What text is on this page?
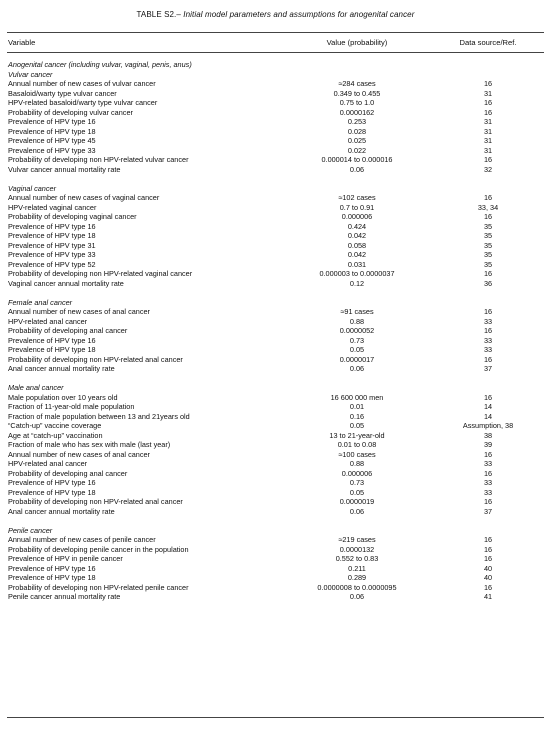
TABLE S2.– Initial model parameters and assumptions for anogenital cancer
Variable	Value (probability)	Data source/Ref.
Anogenital cancer (including vulvar, vaginal, penis, anus)
Vulvar cancer
Annual number of new cases of vulvar cancer	≈284 cases	16
Basaloid/warty type vulvar cancer	0.349 to 0.455	31
HPV-related basaloid/warty type vulvar cancer	0.75 to 1.0	16
Probability of developing vulvar cancer	0.0000162	16
Prevalence of HPV type 16	0.253	31
Prevalence of HPV type 18	0.028	31
Prevalence of HPV type 45	0.025	31
Prevalence of HPV type 33	0.022	31
Probability of developing non HPV-related vulvar cancer	0.000014 to 0.000016	16
Vulvar cancer annual mortality rate	0.06	32
Vaginal cancer
Annual number of new cases of vaginal cancer	≈102 cases	16
HPV-related vaginal cancer	0.7 to 0.91	33, 34
Probability of developing vaginal cancer	0.000006	16
Prevalence of HPV type 16	0.424	35
Prevalence of HPV type 18	0.042	35
Prevalence of HPV type 31	0.058	35
Prevalence of HPV type 33	0.042	35
Prevalence of HPV type 52	0.031	35
Probability of developing non HPV-related vaginal cancer	0.000003 to 0.0000037	16
Vaginal cancer annual mortality rate	0.12	36
Female anal cancer
Annual number of new cases of anal cancer	≈91 cases	16
HPV-related anal cancer	0.88	33
Probability of developing anal cancer	0.0000052	16
Prevalence of HPV type 16	0.73	33
Prevalence of HPV type 18	0.05	33
Probability of developing non HPV-related anal cancer	0.0000017	16
Anal cancer annual mortality rate	0.06	37
Male anal cancer
Male population over 10 years old	16 600 000 men	16
Fraction of 11-year-old male population	0.01	14
Fraction of male population between 13 and 21years old	0.16	14
“Catch-up” vaccine coverage	0.05	Assumption, 38
Age at “catch-up” vaccination	13 to 21-year-old	38
Fraction of male who has sex with male (last year)	0.01 to 0.08	39
Annual number of new cases of anal cancer	≈100 cases	16
HPV-related anal cancer	0.88	33
Probability of developing anal cancer	0.000006	16
Prevalence of HPV type 16	0.73	33
Prevalence of HPV type 18	0.05	33
Probability of developing non HPV-related anal cancer	0.0000019	16
Anal cancer annual mortality rate	0.06	37
Penile cancer
Annual number of new cases of penile cancer	≈219 cases	16
Probability of developing penile cancer in the population	0.0000132	16
Prevalence of HPV in penile cancer	0.552 to 0.83	16
Prevalence of HPV type 16	0.211	40
Prevalence of HPV type 18	0.289	40
Probability of developing non HPV-related penile cancer	0.0000008 to 0.0000095	16
Penile cancer annual mortality rate	0.06	41
